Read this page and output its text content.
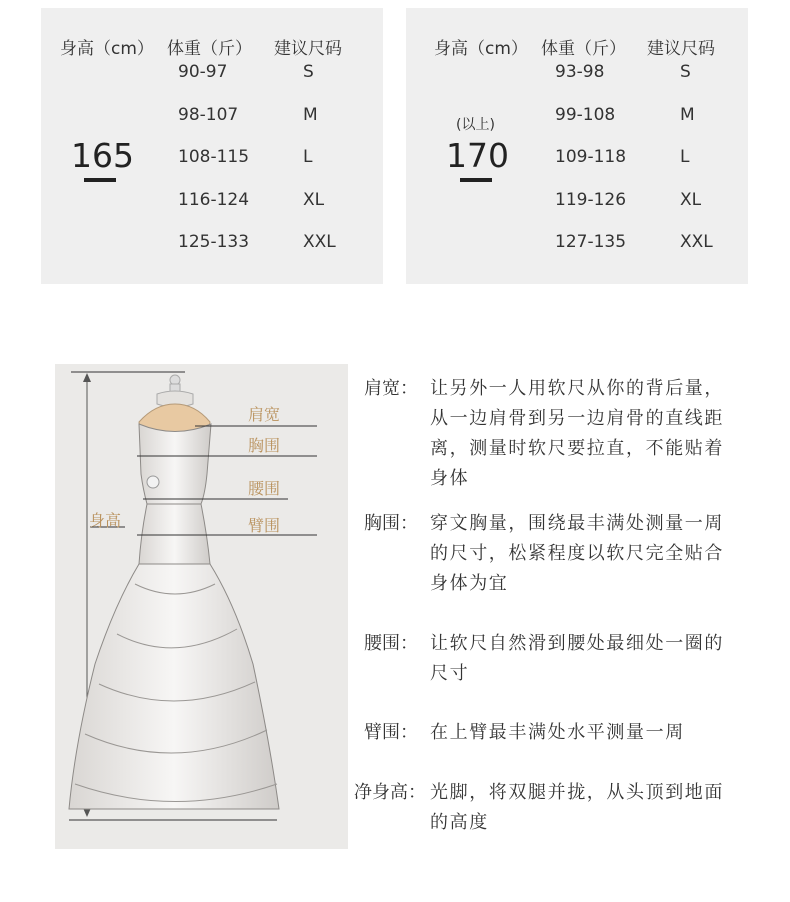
身高（cm） 体重（斤） 建议尺码
165
90-97	S
98-107	M
108-115	L
116-124	XL
125-133	XXL
身高（cm） 体重（斤） 建议尺码
(以上)
170
93-98	S
99-108	M
109-118	L
119-126	XL
127-135	XXL
肩宽
胸围
腰围
臂围
身高
肩宽： 让另外一人用软尺从你的背后量，从一边肩骨到另一边肩骨的直线距离，测量时软尺要拉直，不能贴着身体
胸围： 穿文胸量，围绕最丰满处测量一周的尺寸，松紧程度以软尺完全贴合身体为宜
腰围： 让软尺自然滑到腰处最细处一圈的尺寸
臂围： 在上臂最丰满处水平测量一周
净身高： 光脚，将双腿并拢，从头顶到地面的高度
